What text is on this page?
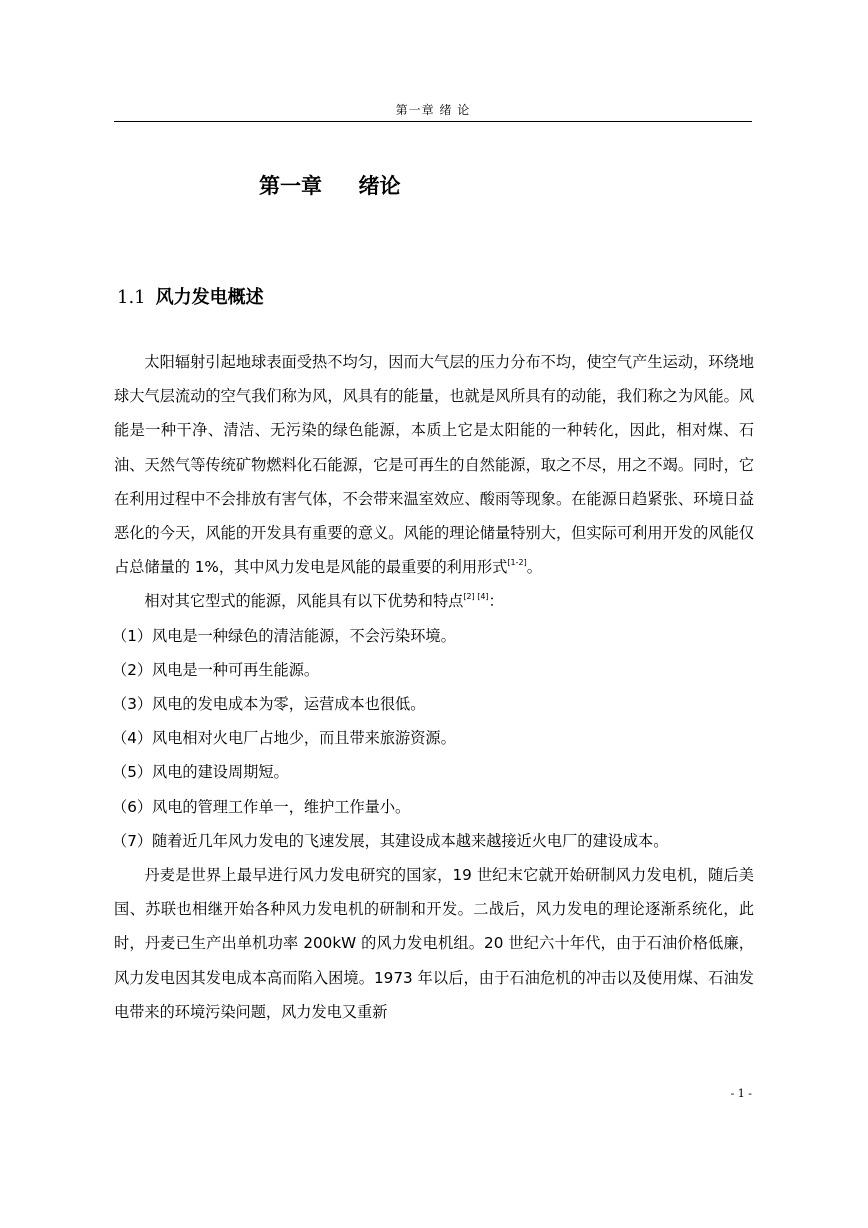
第一章 绪 论
第一章     绪论
1.1 风力发电概述

太阳辐射引起地球表面受热不均匀，因而大气层的压力分布不均，使空气产生运动，环绕地球大气层流动的空气我们称为风，风具有的能量，也就是风所具有的动能，我们称之为风能。风能是一种干净、清洁、无污染的绿色能源，本质上它是太阳能的一种转化，因此，相对煤、石油、天然气等传统矿物燃料化石能源，它是可再生的自然能源，取之不尽，用之不竭。同时，它在利用过程中不会排放有害气体，不会带来温室效应、酸雨等现象。在能源日趋紧张、环境日益恶化的今天，风能的开发具有重要的意义。风能的理论储量特别大，但实际可利用开发的风能仅占总储量的 1%，其中风力发电是风能的最重要的利用形式[1-2]。

相对其它型式的能源，风能具有以下优势和特点[2] [4]：

（1）风电是一种绿色的清洁能源，不会污染环境。

（2）风电是一种可再生能源。

（3）风电的发电成本为零，运营成本也很低。

（4）风电相对火电厂占地少，而且带来旅游资源。

（5）风电的建设周期短。

（6）风电的管理工作单一，维护工作量小。

（7）随着近几年风力发电的飞速发展，其建设成本越来越接近火电厂的建设成本。

丹麦是世界上最早进行风力发电研究的国家，19 世纪末它就开始研制风力发电机，随后美国、苏联也相继开始各种风力发电机的研制和开发。二战后，风力发电的理论逐渐系统化，此时，丹麦已生产出单机功率 200kW 的风力发电机组。20 世纪六十年代，由于石油价格低廉，风力发电因其发电成本高而陷入困境。1973 年以后，由于石油危机的冲击以及使用煤、石油发电带来的环境污染问题，风力发电又重新

- 1 -
